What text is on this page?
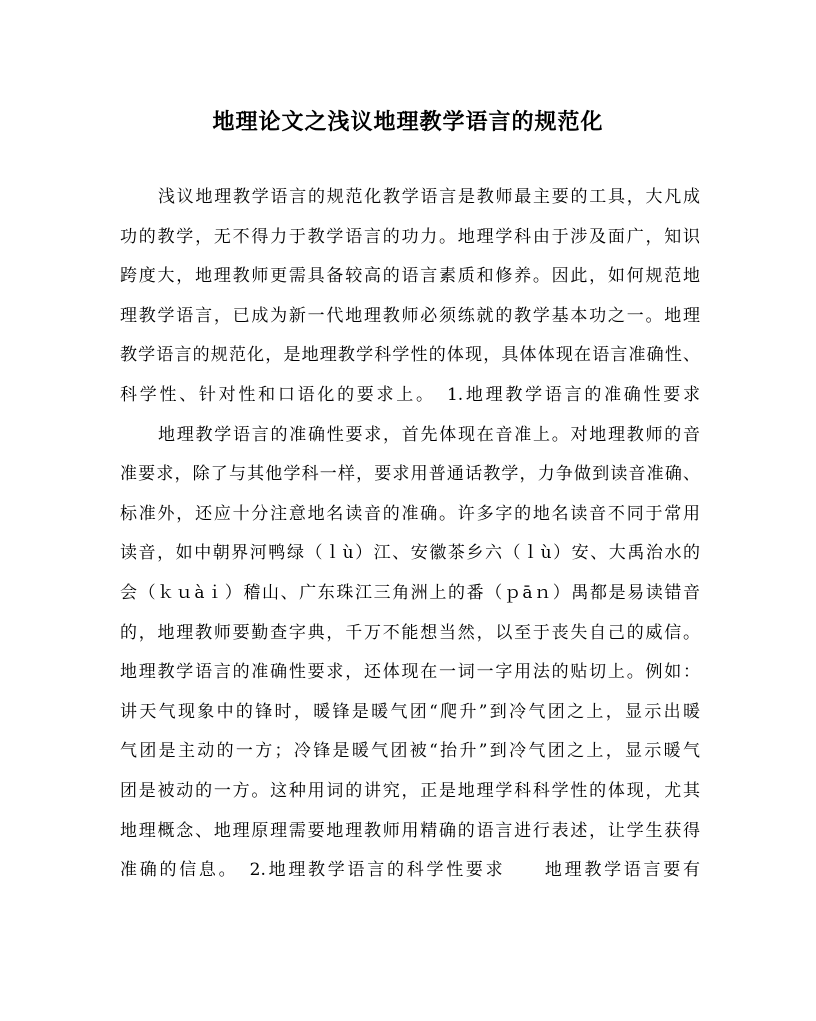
地理论文之浅议地理教学语言的规范化
浅议地理教学语言的规范化教学语言是教师最主要的工具，大凡成
功的教学，无不得力于教学语言的功力。地理学科由于涉及面广，知识
跨度大，地理教师更需具备较高的语言素质和修养。因此，如何规范地
理教学语言，已成为新一代地理教师必须练就的教学基本功之一。地理
教学语言的规范化，是地理教学科学性的体现，具体体现在语言准确性、
科学性、针对性和口语化的要求上。　1.地理教学语言的准确性要求
地理教学语言的准确性要求，首先体现在音准上。对地理教师的音
准要求，除了与其他学科一样，要求用普通话教学，力争做到读音准确、
标准外，还应十分注意地名读音的准确。许多字的地名读音不同于常用
读音，如中朝界河鸭绿（ｌù）江、安徽茶乡六（ｌù）安、大禹治水的
会（ｋｕàｉ）稽山、广东珠江三角洲上的番（ｐāｎ）禺都是易读错音
的，地理教师要勤查字典，千万不能想当然，以至于丧失自己的威信。
地理教学语言的准确性要求，还体现在一词一字用法的贴切上。例如：
讲天气现象中的锋时，暖锋是暖气团“爬升”到冷气团之上，显示出暖
气团是主动的一方；冷锋是暖气团被“抬升”到冷气团之上，显示暖气
团是被动的一方。这种用词的讲究，正是地理学科科学性的体现，尤其
地理概念、地理原理需要地理教师用精确的语言进行表述，让学生获得
准确的信息。　2.地理教学语言的科学性要求　　地理教学语言要有
